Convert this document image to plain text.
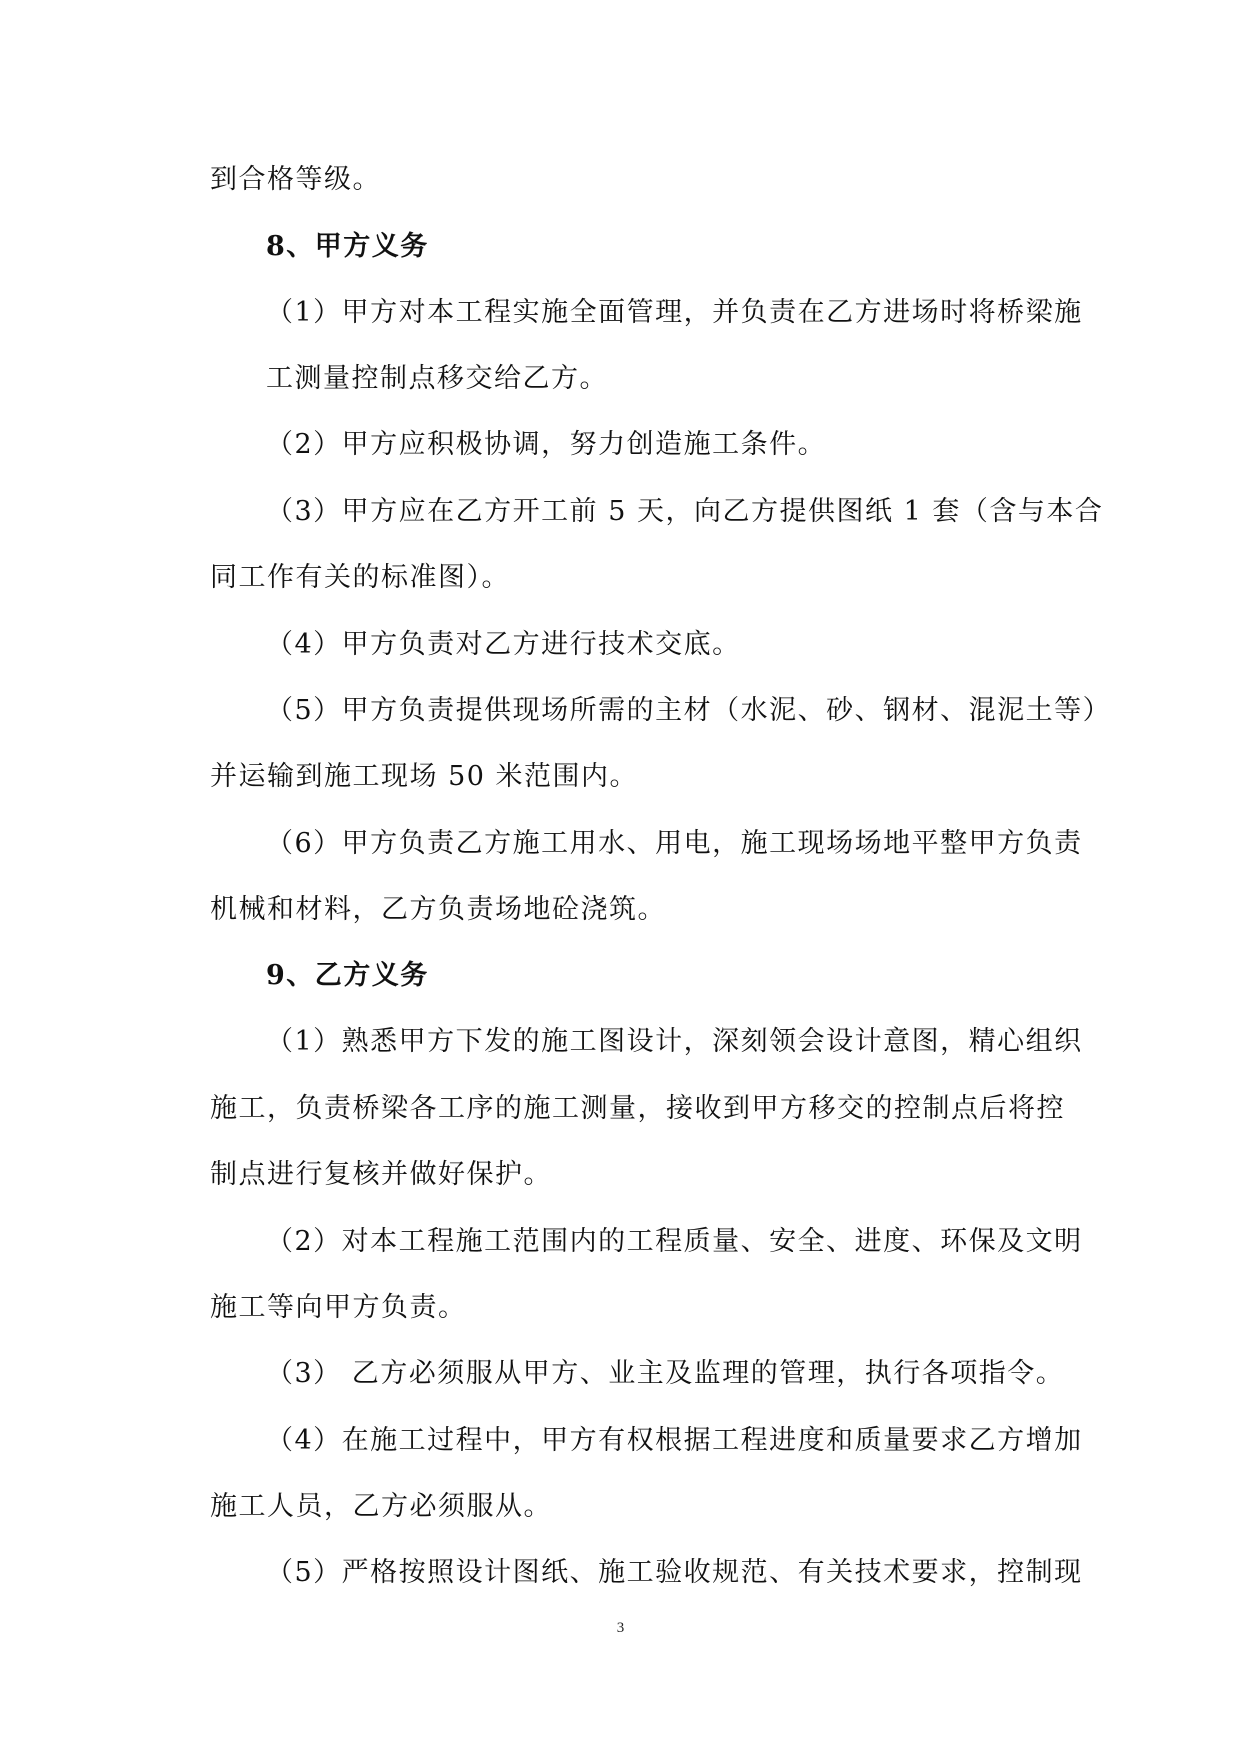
到合格等级。
8、甲方义务
（1）甲方对本工程实施全面管理，并负责在乙方进场时将桥梁施
工测量控制点移交给乙方。
（2）甲方应积极协调，努力创造施工条件。
（3）甲方应在乙方开工前 5 天，向乙方提供图纸 1 套（含与本合
同工作有关的标准图）。
（4）甲方负责对乙方进行技术交底。
（5）甲方负责提供现场所需的主材（水泥、砂、钢材、混泥土等）
并运输到施工现场 50 米范围内。
（6）甲方负责乙方施工用水、用电，施工现场场地平整甲方负责
机械和材料，乙方负责场地砼浇筑。
9、乙方义务
（1）熟悉甲方下发的施工图设计，深刻领会设计意图，精心组织
施工，负责桥梁各工序的施工测量，接收到甲方移交的控制点后将控
制点进行复核并做好保护。
（2）对本工程施工范围内的工程质量、安全、进度、环保及文明
施工等向甲方负责。
（3） 乙方必须服从甲方、业主及监理的管理，执行各项指令。
（4）在施工过程中，甲方有权根据工程进度和质量要求乙方增加
施工人员，乙方必须服从。
（5）严格按照设计图纸、施工验收规范、有关技术要求，控制现
3
